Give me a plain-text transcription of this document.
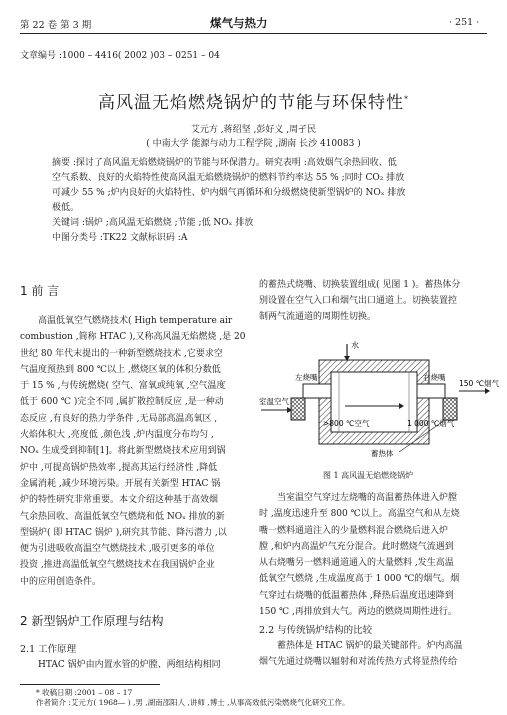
第 22 卷 第 3 期	煤气与热力	· 251 ·
文章编号 :1000 – 4416( 2002 )03 – 0251 – 04
高风温无焰燃烧锅炉的节能与环保特性*
艾元方 ,蒋绍坚 ,彭好义 ,周孑民
( 中南大学 能源与动力工程学院 ,湖南 长沙 410083 )

摘要 :探讨了高风温无焰燃烧锅炉的节能与环保潜力。研究表明 :高效烟气余热回收、低

空气系数、良好的火焰特性使高风温无焰燃烧锅炉的燃料节约率达 55 % ;同时 CO₂ 排放

可减少 55 % ;炉内良好的火焰特性、炉内烟气再循环和分级燃烧使新型锅炉的 NOₓ 排放

极低。

关键词 :锅炉 ;高风温无焰燃烧 ;节能 ;低 NOₓ 排放

中图分类号 :TK22 文献标识码 :A

1 前 言
高温低氧空气燃烧技术( High temperature air
combustion ,简称 HTAC ),又称高风温无焰燃烧 ,是 20
世纪 80 年代末提出的一种新型燃烧技术 ,它要求空
气温度预热到 800 ℃以上 ,燃烧区氧的体积分数低
于 15 % ,与传统燃烧( 空气、富氧或纯氧 ,空气温度
低于 600 ℃ )完全不同 ,属扩散控制反应 ,是一种动
态反应 ,有良好的热力学条件 ,无局部高温高氧区 ,
火焰体积大 ,亮度低 ,颜色浅 ,炉内温度分布均匀 ,
NOₓ 生成受到抑制[1]。将此新型燃烧技术应用到锅
炉中 ,可提高锅炉热效率 ,提高其运行经济性 ,降低
金属消耗 ,减少环境污染。开展有关新型 HTAC 锅
炉的特性研究非常重要。本文介绍这种基于高效烟
气余热回收、高温低氧空气燃烧和低 NOₓ 排放的新
型锅炉( 即 HTAC 锅炉 ),研究其节能、降污潜力 ,以
便为引进吸收高温空气燃烧技术 ,吸引更多的单位
投资 ,推进高温低氧空气燃烧技术在我国锅炉企业
中的应用创造条件。
2 新型锅炉工作原理与结构
2.1 工作原理
HTAC 锅炉由内置水管的炉膛、两组结构相同
的蓄热式烧嘴、切换装置组成( 见图 1 )。蓄热体分
别设置在空气入口和烟气出口通道上。切换装置控
制两气流通道的周期性切换。
水
左烧嘴	右烧嘴
室温空气
150 ℃烟气
>800 ℃空气	1 000 ℃烟气
蓄热体
图 1 高风温无焰燃烧锅炉
当室温空气穿过左烧嘴的高温蓄热体进入炉膛
时 ,温度迅速升至 800 ℃以上。高温空气和从左烧
嘴一燃料通道注入的少量燃料混合燃烧后进入炉
膛 ,和炉内高温炉气充分混合。此时燃烧气流遇到
从右烧嘴另一燃料通道通入的大量燃料 ,发生高温
低氧空气燃烧 ,生成温度高于 1 000 ℃的烟气。烟
气穿过右烧嘴的低温蓄热体 ,释热后温度迅速降到
150 ℃ ,再排放到大气。两边的燃烧周期性进行。
2.2 与传统锅炉结构的比较
蓄热体是 HTAC 锅炉的最关键部件。炉内高温
烟气先通过烧嘴以辐射和对流传热方式将显热传给
* 收稿日期 :2001 – 08 – 17
作者简介 :艾元方( 1968— ) ,男 ,湖南邵阳人 ,讲师 ,博士 ,从事高效低污染燃烧气化研究工作。
